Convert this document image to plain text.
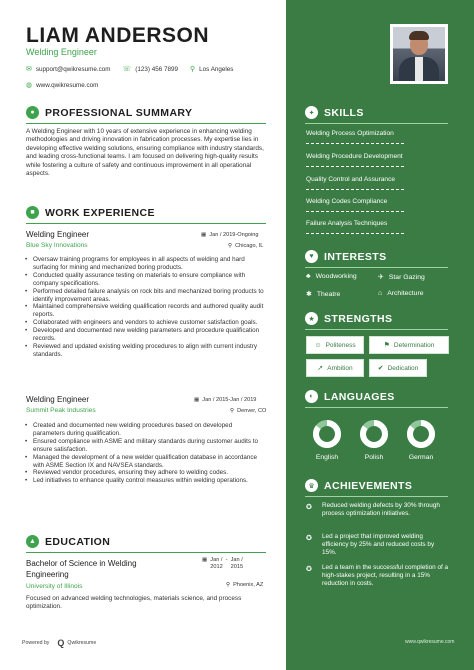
LIAM ANDERSON
Welding Engineer
✉ support@qwikresume.com ☏ (123) 456 7899 ⚲ Los Angeles
◍ www.qwikresume.com
● PROFESSIONAL SUMMARY
A Welding Engineer with 10 years of extensive experience in enhancing welding methodologies and driving innovation in fabrication processes. My expertise lies in developing effective welding solutions, ensuring compliance with industry standards, and leading cross-functional teams. I am focused on delivering high-quality results while fostering a culture of safety and continuous improvement in all operational aspects.
■ WORK EXPERIENCE
Welding Engineer
Blue Sky Innovations
▦ Jan / 2019-Ongoing
⚲ Chicago, IL
• Oversaw training programs for employees in all aspects of welding and hard surfacing for mining and mechanized boring products.
• Conducted quality assurance testing on materials to ensure compliance with company specifications.
• Performed detailed failure analysis on rock bits and mechanized boring products to identify improvement areas.
• Maintained comprehensive welding qualification records and authored quality audit reports.
• Collaborated with engineers and vendors to achieve customer satisfaction goals.
• Developed and documented new welding parameters and procedure qualification records.
• Reviewed and updated existing welding procedures to align with current industry standards.
Welding Engineer
Summit Peak Industries
▦ Jan / 2015-Jan / 2019
⚲ Denver, CO
• Created and documented new welding procedures based on developed parameters during qualification.
• Ensured compliance with ASME and military standards during customer audits to ensure satisfaction.
• Managed the development of a new welder qualification database in accordance with ASME Section IX and NAVSEA standards.
• Reviewed vendor procedures, ensuring they adhere to welding codes.
• Led initiatives to enhance quality control measures within welding operations.
▲ EDUCATION
Bachelor of Science in Welding
Engineering
University of Illinois
▦ Jan /
2012
- Jan /
2015
⚲ Phoenix, AZ
Focused on advanced welding technologies, materials science, and process optimization.
Powered by Q Qwikresume	www.qwikresume.com
✦ SKILLS
Welding Process Optimization
Welding Procedure Development
Quality Control and Assurance
Welding Codes Compliance
Failure Analysis Techniques
♥ INTERESTS
♣ Woodworking	✈ Star Gazing
✱ Theatre	⌂ Architecture
★ STRENGTHS
☺ Politeness	⚑ Determination
➚ Ambition	✔ Dedication
◐ LANGUAGES
English	Polish	German
♛ ACHIEVEMENTS
✪ Reduced welding defects by 30% through process optimization initiatives.
✪ Led a project that improved welding efficiency by 25% and reduced costs by 15%.
✪ Led a team in the successful completion of a high-stakes project, resulting in a 15% reduction in costs.
